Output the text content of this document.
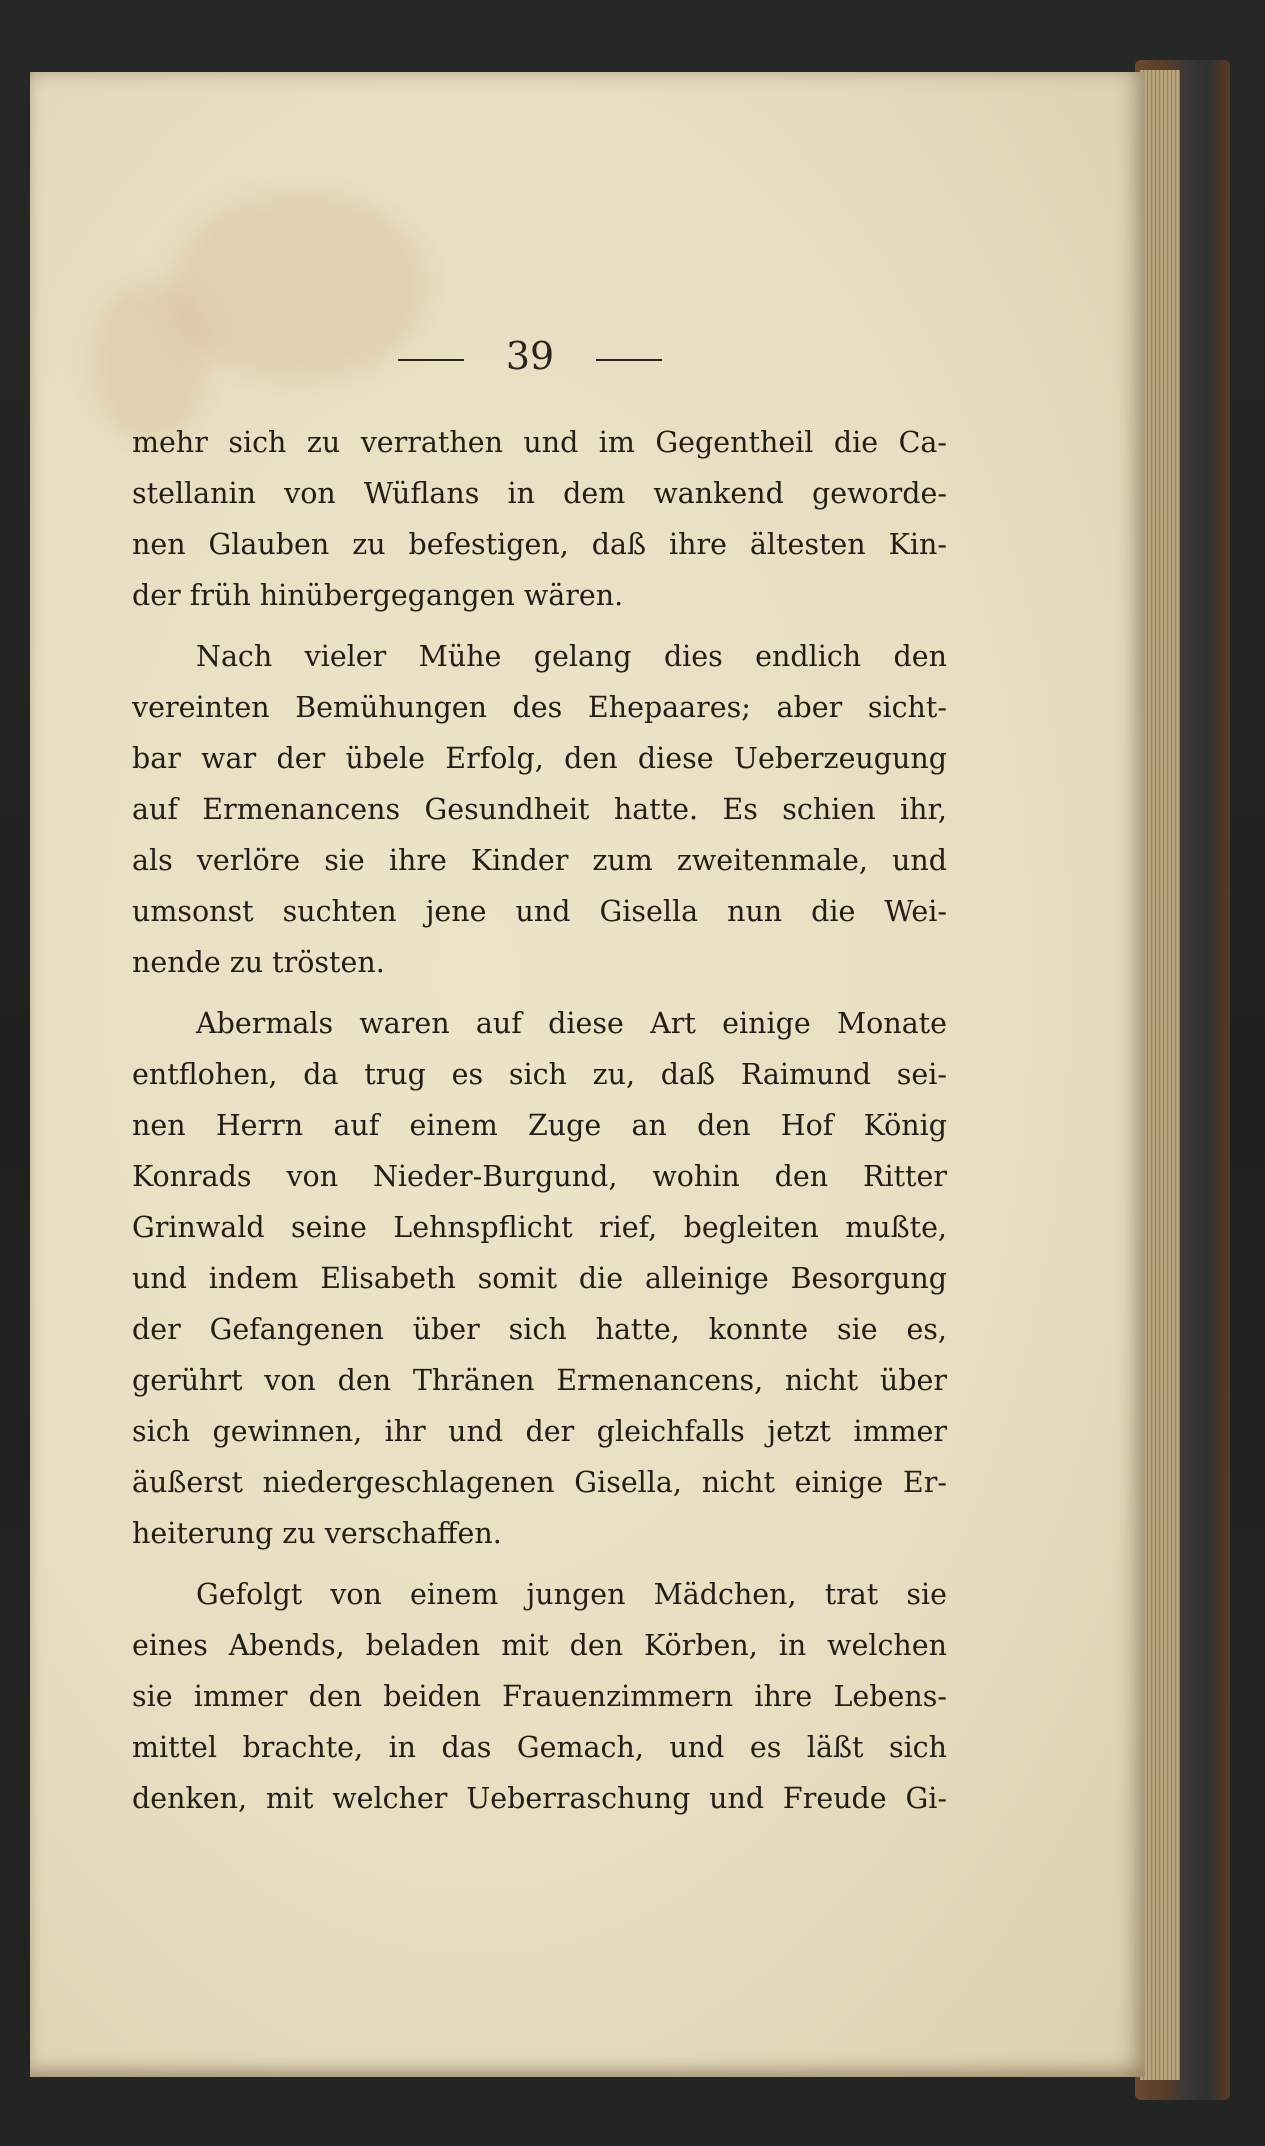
39
mehr sich zu verrathen und im Gegentheil die Ca-
stellanin von Wüflans in dem wankend geworde-
nen Glauben zu befestigen, daß ihre ältesten Kin-
der früh hinübergegangen wären.
Nach vieler Mühe gelang dies endlich den
vereinten Bemühungen des Ehepaares; aber sicht-
bar war der übele Erfolg, den diese Ueberzeugung
auf Ermenancens Gesundheit hatte. Es schien ihr,
als verlöre sie ihre Kinder zum zweitenmale, und
umsonst suchten jene und Gisella nun die Wei-
nende zu trösten.
Abermals waren auf diese Art einige Monate
entflohen, da trug es sich zu, daß Raimund sei-
nen Herrn auf einem Zuge an den Hof König
Konrads von Nieder-Burgund, wohin den Ritter
Grinwald seine Lehnspflicht rief, begleiten mußte,
und indem Elisabeth somit die alleinige Besorgung
der Gefangenen über sich hatte, konnte sie es,
gerührt von den Thränen Ermenancens, nicht über
sich gewinnen, ihr und der gleichfalls jetzt immer
äußerst niedergeschlagenen Gisella, nicht einige Er-
heiterung zu verschaffen.
Gefolgt von einem jungen Mädchen, trat sie
eines Abends, beladen mit den Körben, in welchen
sie immer den beiden Frauenzimmern ihre Lebens-
mittel brachte, in das Gemach, und es läßt sich
denken, mit welcher Ueberraschung und Freude Gi-
